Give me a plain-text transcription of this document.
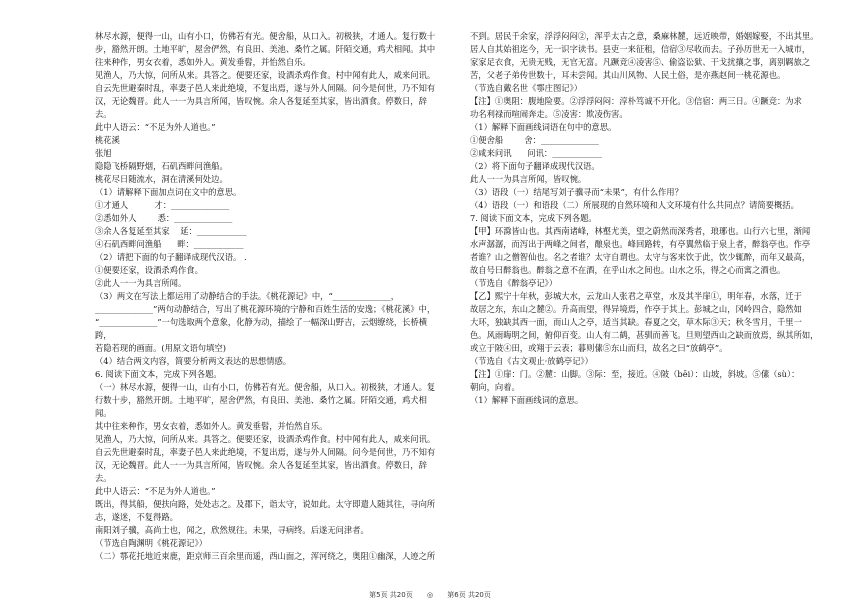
林尽水源，便得一山，山有小口，仿佛若有光。便舍船，从口入。初极狭，才通人。复行数十
步，豁然开朗。土地平旷，屋舍俨然，有良田、美池、桑竹之属。阡陌交通，鸡犬相闻。其中
往来种作，男女衣着，悉如外人。黄发垂髫，并怡然自乐。
见渔人，乃大惊，问所从来。具答之。便要还家，设酒杀鸡作食。村中闻有此人，咸来问讯。
自云先世避秦时乱，率妻子邑人来此绝境，不复出焉，遂与外人间隔。问今是何世，乃不知有
汉，无论魏晋。此人一一为具言所闻，皆叹惋。余人各复延至其家，皆出酒食。停数日，辞去。
此中人语云：“不足为外人道也。”
桃花溪
张旭
隐隐飞桥隔野烟，石矶西畔问渔船。
桃花尽日随流水，洞在清溪何处边。
（1）请解释下面加点词在文中的意思。
①才通人          才：______________
②悉如外人        悉：______________
③余人各复延至其家    延：____________
④石矶西畔问渔船      畔：____________
（2）请把下面的句子翻译成现代汉语。 .
①便要还家，设酒杀鸡作食。
②此人一一为具言所闻。
（3）两文在写法上都运用了动静结合的手法。《桃花源记》中，“______________，
______________”两句动静结合，写出了桃花源环境的宁静和百姓生活的安逸；《桃花溪》中，
“______________”一句选取两个意象，化静为动，描绘了一幅深山野吉，云烟缭绕，长桥横跨，
若隐若现的画面。(用原文语句填空)
（4）结合两文内容，简要分析两文表达的思想情感。
6. 阅读下面文本，完成下列各题。
（一）林尽水源，便得一山，山有小口，仿佛若有光。便舍船，从口入。初极狭，才通人。复
行数十步，豁然开朗。土地平旷，屋舍俨然，有良田、美池、桑竹之属。阡陌交通，鸡犬相闻。
其中往来种作，男女衣着，悉如外人。黄发垂髫，并怡然自乐。
见渔人，乃大惊，问所从来。具答之。便要还家，设酒杀鸡作食。村中闻有此人，咸来问讯。
自云先世避秦时乱，率妻子邑人来此绝境，不复出焉，遂与外人间隔。问今是何世，乃不知有
汉，无论魏晋。此人一一为具言所闻，皆叹惋。余人各复延至其家，皆出酒食。停数日，辞去。
此中人语云：“不足为外人道也。”
既出，得其船，便扶向路，处处志之。及郡下，诣太守，说如此。太守即遣人随其往，寻向所
志，遂迷，不复得路。
南阳刘子骥，高尚士也，闻之，欣然规往。未果，寻病终。后遂无问津者。
（节选自陶渊明《桃花源记》）
（二）鄠花托地近束鹿，距京师三百余里而遥，西山面之，浑河绕之，奥阻①幽深，人迹之所
不到。居民千余家，浮浮闷闷②，浑乎太古之意，桑麻林麓，远近映带，婚姻嫁娶，不出其里。
居人自其始祖迄今，无一识字读书。县吏一来征租，信宿③尽收而去。子孙历世无一入城市，
家家足衣食，无贵无贱，无官无富。凡蹶竞④凌害⑤、偷盗讼狱、干戈扰攘之事，离别羁旅之
苦，父老子弟传世数十，耳未尝闻。其山川风物、人民土俗，是亦燕赵间一桃花源也。
（节选自戴名世《鄠庄图记》）
【注】①奥阻：腹地险要。②浮浮闷闷：淳朴笃诚不开化。③信宿：两三日。④蹶竞：为求
功名利禄而喧闹奔走。⑤凌害：欺凌伤害。
（1）解释下面画线词语在句中的意思。
①便舍船        舍：______________
②咸来问讯      问讯：____________
（2）将下面句子翻译成现代汉语。
此人一一为具言所闻，皆叹惋。
（3）语段（一）结尾写刘子骥寻而“未果”，有什么作用？
（4）语段（一）和语段（二）所展现的自然环境和人文环境有什么共同点？请简要概括。
7. 阅读下面文本，完成下列各题。
【甲】环滁皆山也。其西南诸峰，林壑尤美，望之蔚然而深秀者，琅琊也。山行六七里，渐闻
水声潺潺，而泻出于两峰之间者，酿泉也。峰回路转，有亭翼然临于泉上者，醉翁亭也。作亭
者谁？山之僧智仙也。名之者谁？太守自谓也。太守与客来饮于此，饮少辄醉，而年又最高，
故自号曰醉翁也。醉翁之意不在酒，在乎山水之间也。山水之乐，得之心而寓之酒也。
（节选自《醉翁亭记》）
【乙】熙宁十年秋，彭城大水，云龙山人张君之草堂，水及其半扉①，明年春，水落，迁于
故居之东，东山之麓②。升高而望，得异境焉，作亭于其上。彭城之山，冈岭四合，隐然如
大环，独缺其西一面，而山人之亭，适当其缺。春夏之交，草木际③天；秋冬雪月，千里一
色。风雨晦明之间，俯仰百变。山人有二鹤，甚驯而善飞。旦则望西山之缺而放焉，纵其所如，
或立于陂④田，或翔于云表；暮则傃⑤东山而归，故名之曰“放鹤亭”。
（节选自《古文观止·放鹤亭记》）
【注】①扉：门。②麓：山脚。③际：至，接近。④陂（bēi）：山坡，斜坡。⑤傃（sù）：
朝向，向着。
（1）解释下面画线词的意思。
第5页 共20页 ◎ 第6页 共20页
